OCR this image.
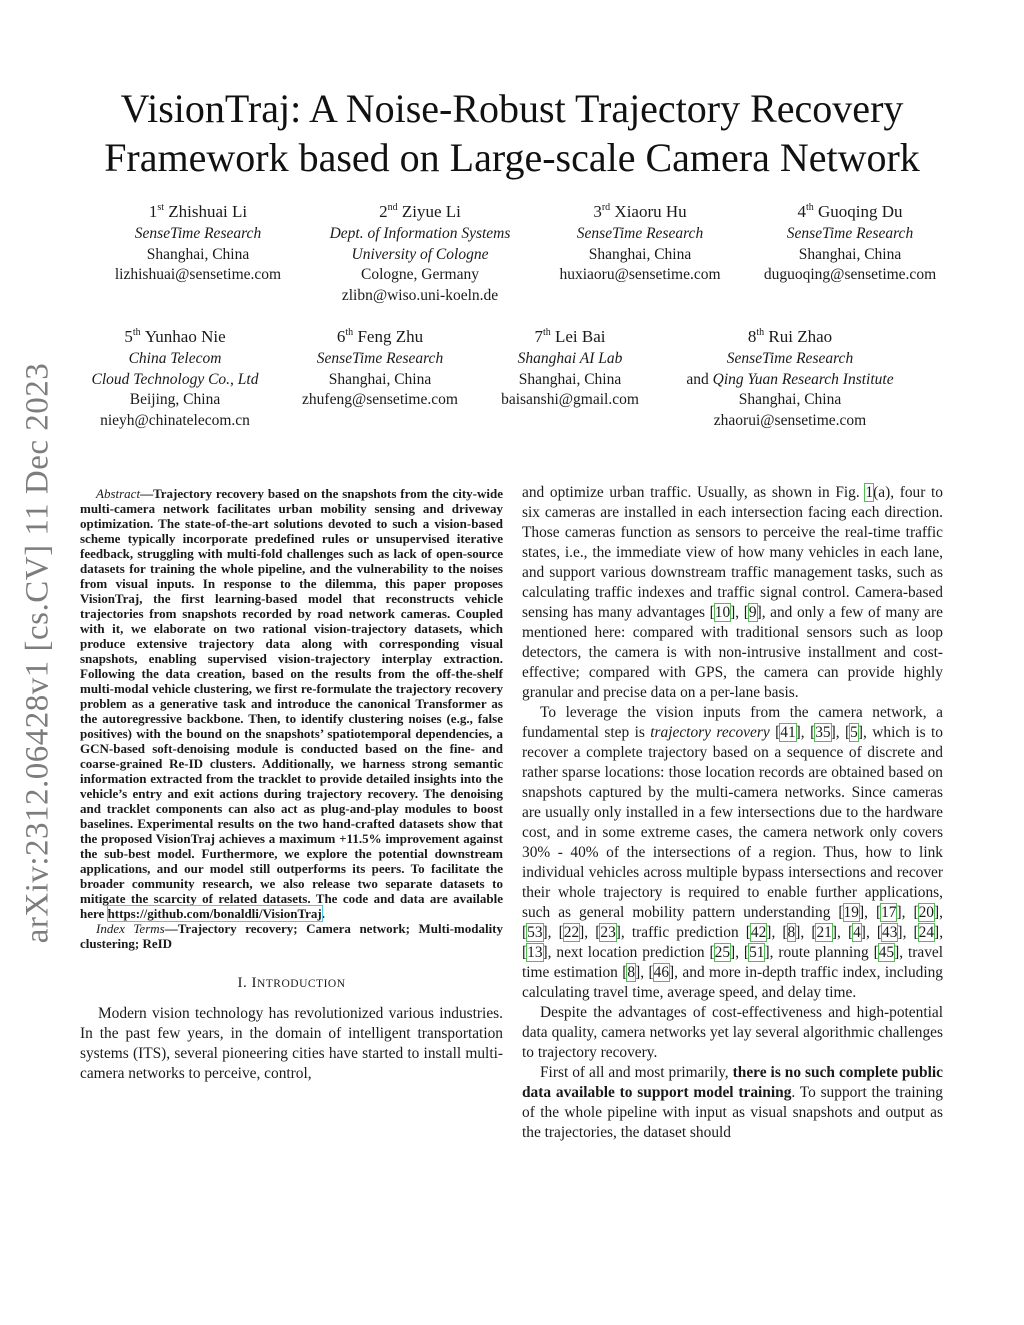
arXiv:2312.06428v1 [cs.CV] 11 Dec 2023
VisionTraj: A Noise-Robust Trajectory Recovery
Framework based on Large-scale Camera Network
1st Zhishuai Li
SenseTime Research
Shanghai, China
lizhishuai@sensetime.com
2nd Ziyue Li
Dept. of Information Systems
University of Cologne
Cologne, Germany
zlibn@wiso.uni-koeln.de
3rd Xiaoru Hu
SenseTime Research
Shanghai, China
huxiaoru@sensetime.com
4th Guoqing Du
SenseTime Research
Shanghai, China
duguoqing@sensetime.com
5th Yunhao Nie
China Telecom
Cloud Technology Co., Ltd
Beijing, China
nieyh@chinatelecom.cn
6th Feng Zhu
SenseTime Research
Shanghai, China
zhufeng@sensetime.com
7th Lei Bai
Shanghai AI Lab
Shanghai, China
baisanshi@gmail.com
8th Rui Zhao
SenseTime Research
and Qing Yuan Research Institute
Shanghai, China
zhaorui@sensetime.com

Abstract—Trajectory recovery based on the snapshots from the city-wide multi-camera network facilitates urban mobility sensing and driveway optimization. The state-of-the-art solutions devoted to such a vision-based scheme typically incorporate predefined rules or unsupervised iterative feedback, struggling with multi-fold challenges such as lack of open-source datasets for training the whole pipeline, and the vulnerability to the noises from visual inputs. In response to the dilemma, this paper proposes VisionTraj, the first learning-based model that reconstructs vehicle trajectories from snapshots recorded by road network cameras. Coupled with it, we elaborate on two rational vision-trajectory datasets, which produce extensive trajectory data along with corresponding visual snapshots, enabling supervised vision-trajectory interplay extraction. Following the data creation, based on the results from the off-the-shelf multi-modal vehicle clustering, we first re-formulate the trajectory recovery problem as a generative task and introduce the canonical Transformer as the autoregressive backbone. Then, to identify clustering noises (e.g., false positives) with the bound on the snapshots’ spatiotemporal dependencies, a GCN-based soft-denoising module is conducted based on the fine- and coarse-grained Re-ID clusters. Additionally, we harness strong semantic information extracted from the tracklet to provide detailed insights into the vehicle’s entry and exit actions during trajectory recovery. The denoising and tracklet components can also act as plug-and-play modules to boost baselines. Experimental results on the two hand-crafted datasets show that the proposed VisionTraj achieves a maximum +11.5% improvement against the sub-best model. Furthermore, we explore the potential downstream applications, and our model still outperforms its peers. To facilitate the broader community research, we also release two separate datasets to mitigate the scarcity of related datasets. The code and data are available here https://github.com/bonaldli/VisionTraj.

Index Terms—Trajectory recovery; Camera network; Multi-modality clustering; ReID

I. INTRODUCTION

Modern vision technology has revolutionized various industries. In the past few years, in the domain of intelligent transportation systems (ITS), several pioneering cities have started to install multi-camera networks to perceive, control,

and optimize urban traffic. Usually, as shown in Fig. 1(a), four to six cameras are installed in each intersection facing each direction. Those cameras function as sensors to perceive the real-time traffic states, i.e., the immediate view of how many vehicles in each lane, and support various downstream traffic management tasks, such as calculating traffic indexes and traffic signal control. Camera-based sensing has many advantages [10], [9], and only a few of many are mentioned here: compared with traditional sensors such as loop detectors, the camera is with non-intrusive installment and cost-effective; compared with GPS, the camera can provide highly granular and precise data on a per-lane basis.

To leverage the vision inputs from the camera network, a fundamental step is trajectory recovery [41], [35], [5], which is to recover a complete trajectory based on a sequence of discrete and rather sparse locations: those location records are obtained based on snapshots captured by the multi-camera networks. Since cameras are usually only installed in a few intersections due to the hardware cost, and in some extreme cases, the camera network only covers 30% - 40% of the intersections of a region. Thus, how to link individual vehicles across multiple bypass intersections and recover their whole trajectory is required to enable further applications, such as general mobility pattern understanding [19], [17], [20], [53], [22], [23], traffic prediction [42], [8], [21], [4], [43], [24], [13], next location prediction [25], [51], route planning [45], travel time estimation [8], [46], and more in-depth traffic index, including calculating travel time, average speed, and delay time.

Despite the advantages of cost-effectiveness and high-potential data quality, camera networks yet lay several algorithmic challenges to trajectory recovery.

First of all and most primarily, there is no such complete public data available to support model training. To support the training of the whole pipeline with input as visual snapshots and output as the trajectories, the dataset should
